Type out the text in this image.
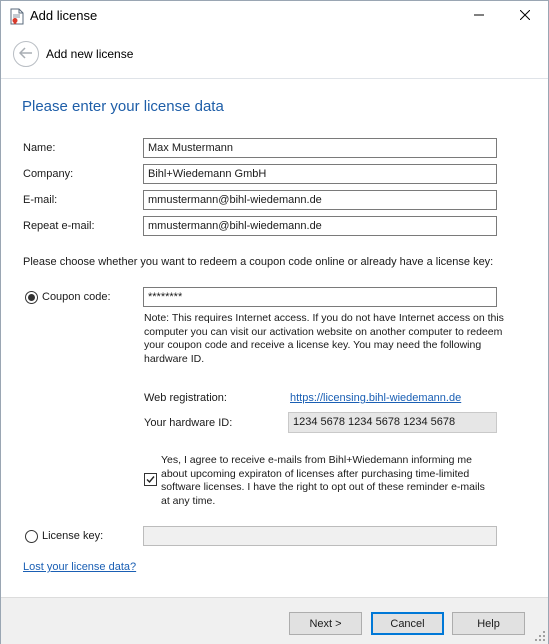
Add license
Add new license
Please enter your license data
Name:
Max Mustermann
Company:
Bihl+Wiedemann GmbH
E-mail:
mmustermann@bihl-wiedemann.de
Repeat e-mail:
mmustermann@bihl-wiedemann.de
Please choose whether you want to redeem a coupon code online or already have a license key:
Coupon code:
********
Note: This requires Internet access. If you do not have Internet access on this computer you can visit our activation website on another computer to redeem your coupon code and receive a license key. You may need the following hardware ID.
Web registration:	https://licensing.bihl-wiedemann.de
Your hardware ID:	1234 5678 1234 5678 1234 5678
Yes, I agree to receive e-mails from Bihl+Wiedemann informing me about upcoming expiraton of licenses after purchasing time-limited software licenses. I have the right to opt out of these reminder e-mails at any time.
License key:
Lost your license data?
Next >	Cancel	Help
